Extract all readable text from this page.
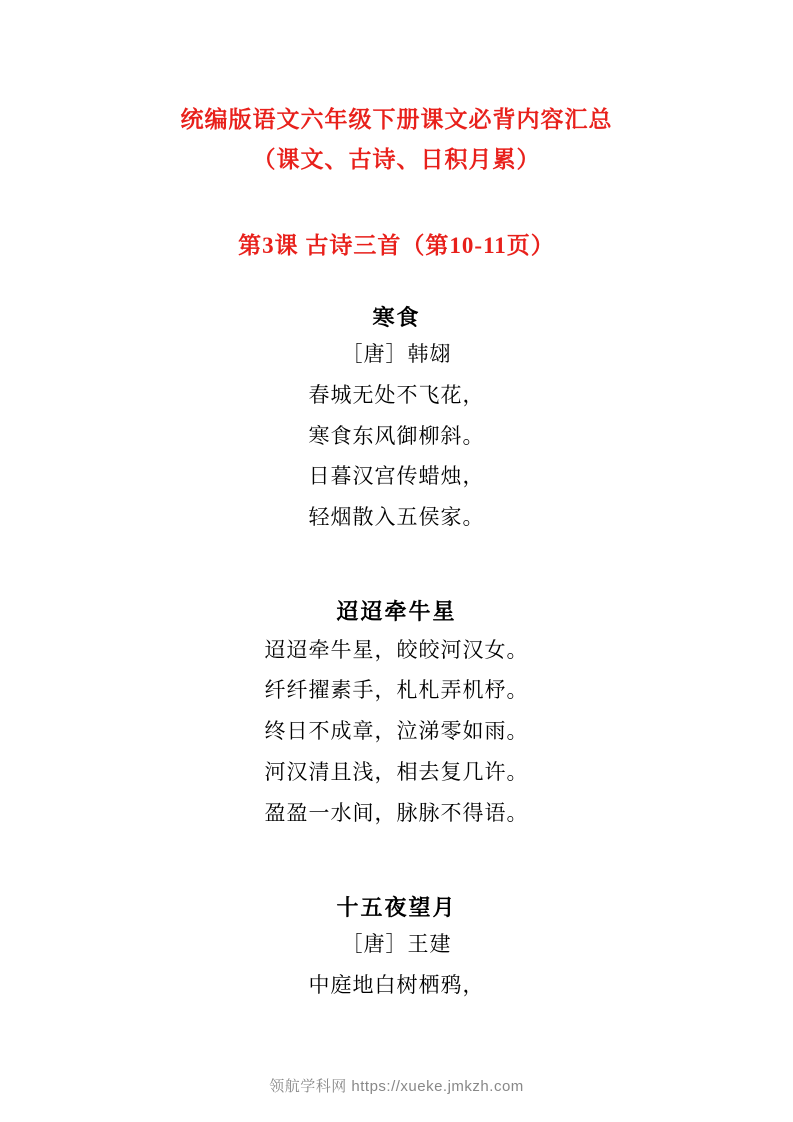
统编版语文六年级下册课文必背内容汇总
（课文、古诗、日积月累）
第3课 古诗三首（第10-11页）
寒食
［唐］韩翃
春城无处不飞花，
寒食东风御柳斜。
日暮汉宫传蜡烛，
轻烟散入五侯家。
迢迢牵牛星
迢迢牵牛星，皎皎河汉女。
纤纤擢素手，札札弄机杼。
终日不成章，泣涕零如雨。
河汉清且浅，相去复几许。
盈盈一水间，脉脉不得语。
十五夜望月
［唐］王建
中庭地白树栖鸦，
领航学科网 https://xueke.jmkzh.com
